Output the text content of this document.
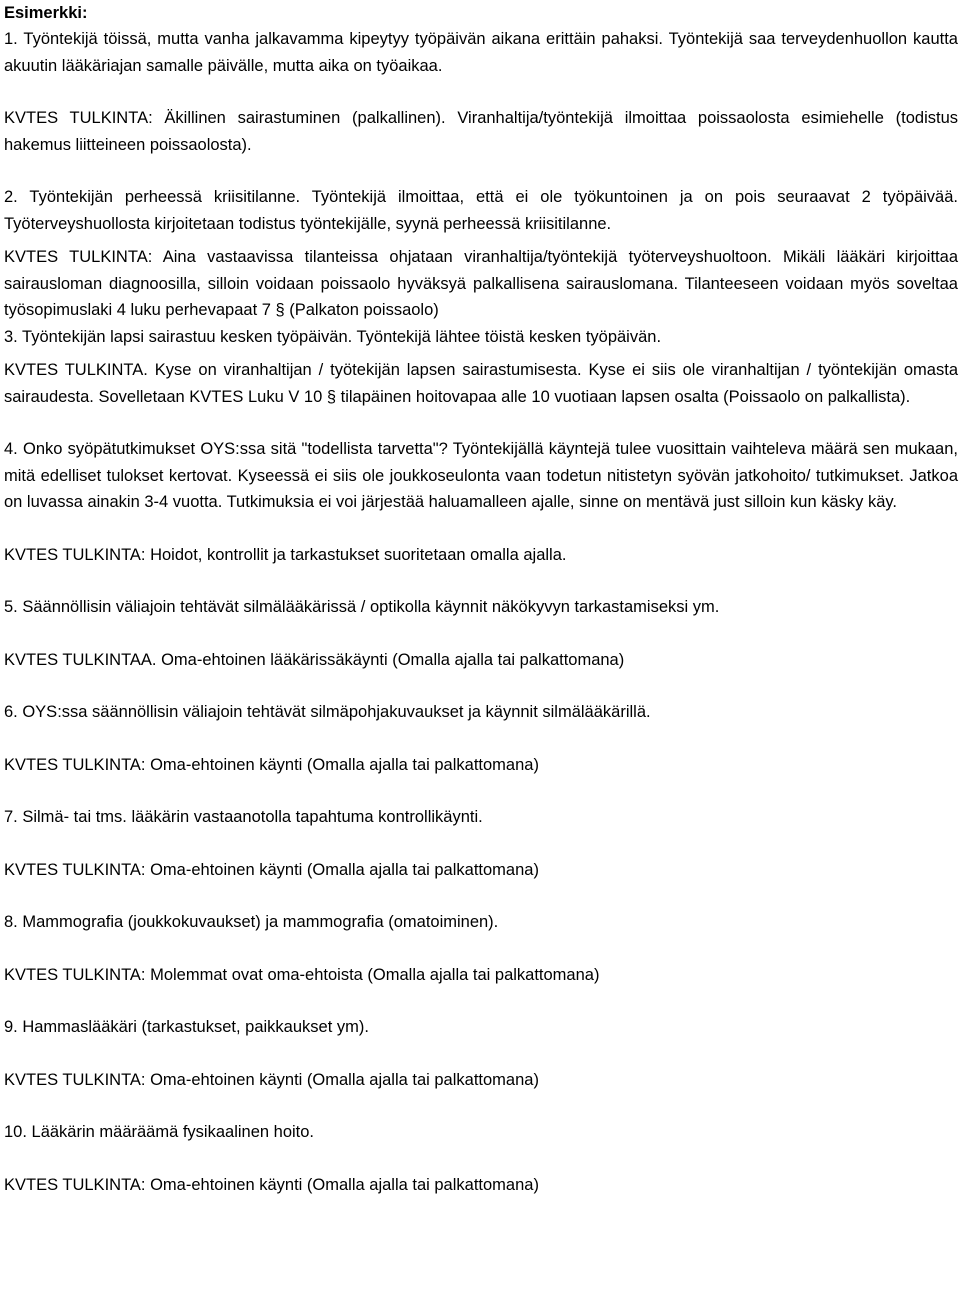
Esimerkki:

1. Työntekijä töissä, mutta vanha jalkavamma kipeytyy työpäivän aikana erittäin pahaksi. Työntekijä saa terveydenhuollon kautta akuutin lääkäriajan samalle päivälle, mutta aika on työaikaa.

KVTES TULKINTA: Äkillinen sairastuminen (palkallinen). Viranhaltija/työntekijä ilmoittaa poissaolosta esimiehelle (todistus hakemus liitteineen poissaolosta).

2. Työntekijän perheessä kriisitilanne. Työntekijä ilmoittaa, että ei ole työkuntoinen ja on pois seuraavat 2 työpäivää. Työterveyshuollosta kirjoitetaan todistus työntekijälle, syynä perheessä kriisitilanne.

KVTES TULKINTA: Aina vastaavissa tilanteissa ohjataan viranhaltija/työntekijä työterveyshuoltoon. Mikäli lääkäri kirjoittaa sairausloman diagnoosilla, silloin voidaan poissaolo hyväksyä palkallisena sairauslomana. Tilanteeseen voidaan myös soveltaa työsopimuslaki 4 luku perhevapaat 7 § (Palkaton poissaolo)

3. Työntekijän lapsi sairastuu kesken työpäivän. Työntekijä lähtee töistä kesken työpäivän.

KVTES TULKINTA. Kyse on viranhaltijan / työtekijän lapsen sairastumisesta. Kyse ei siis ole viranhaltijan / työntekijän omasta sairaudesta. Sovelletaan KVTES Luku V 10 § tilapäinen hoitovapaa alle 10 vuotiaan lapsen osalta (Poissaolo on palkallista).

4. Onko syöpätutkimukset OYS:ssa sitä "todellista tarvetta"? Työntekijällä käyntejä tulee vuosittain vaihteleva määrä sen mukaan, mitä edelliset tulokset kertovat. Kyseessä ei siis ole joukkoseulonta vaan todetun nitistetyn syövän jatkohoito/ tutkimukset. Jatkoa on luvassa ainakin 3-4 vuotta. Tutkimuksia ei voi järjestää haluamalleen ajalle, sinne on mentävä just silloin kun käsky käy.

KVTES TULKINTA: Hoidot, kontrollit ja tarkastukset suoritetaan omalla ajalla.

5. Säännöllisin väliajoin tehtävät silmälääkärissä / optikolla käynnit näkökyvyn tarkastamiseksi ym.

KVTES TULKINTAA. Oma-ehtoinen lääkärissäkäynti (Omalla ajalla tai palkattomana)

6. OYS:ssa säännöllisin väliajoin tehtävät silmäpohjakuvaukset ja käynnit silmälääkärillä.

KVTES TULKINTA: Oma-ehtoinen käynti (Omalla ajalla tai palkattomana)

7. Silmä- tai tms. lääkärin vastaanotolla tapahtuma kontrollikäynti.

KVTES TULKINTA: Oma-ehtoinen käynti (Omalla ajalla tai palkattomana)

8. Mammografia (joukkokuvaukset) ja mammografia (omatoiminen).

KVTES TULKINTA: Molemmat ovat oma-ehtoista (Omalla ajalla tai palkattomana)

9. Hammaslääkäri (tarkastukset, paikkaukset ym).

KVTES TULKINTA: Oma-ehtoinen käynti (Omalla ajalla tai palkattomana)

10. Lääkärin määräämä fysikaalinen hoito.

KVTES TULKINTA: Oma-ehtoinen käynti (Omalla ajalla tai palkattomana)
